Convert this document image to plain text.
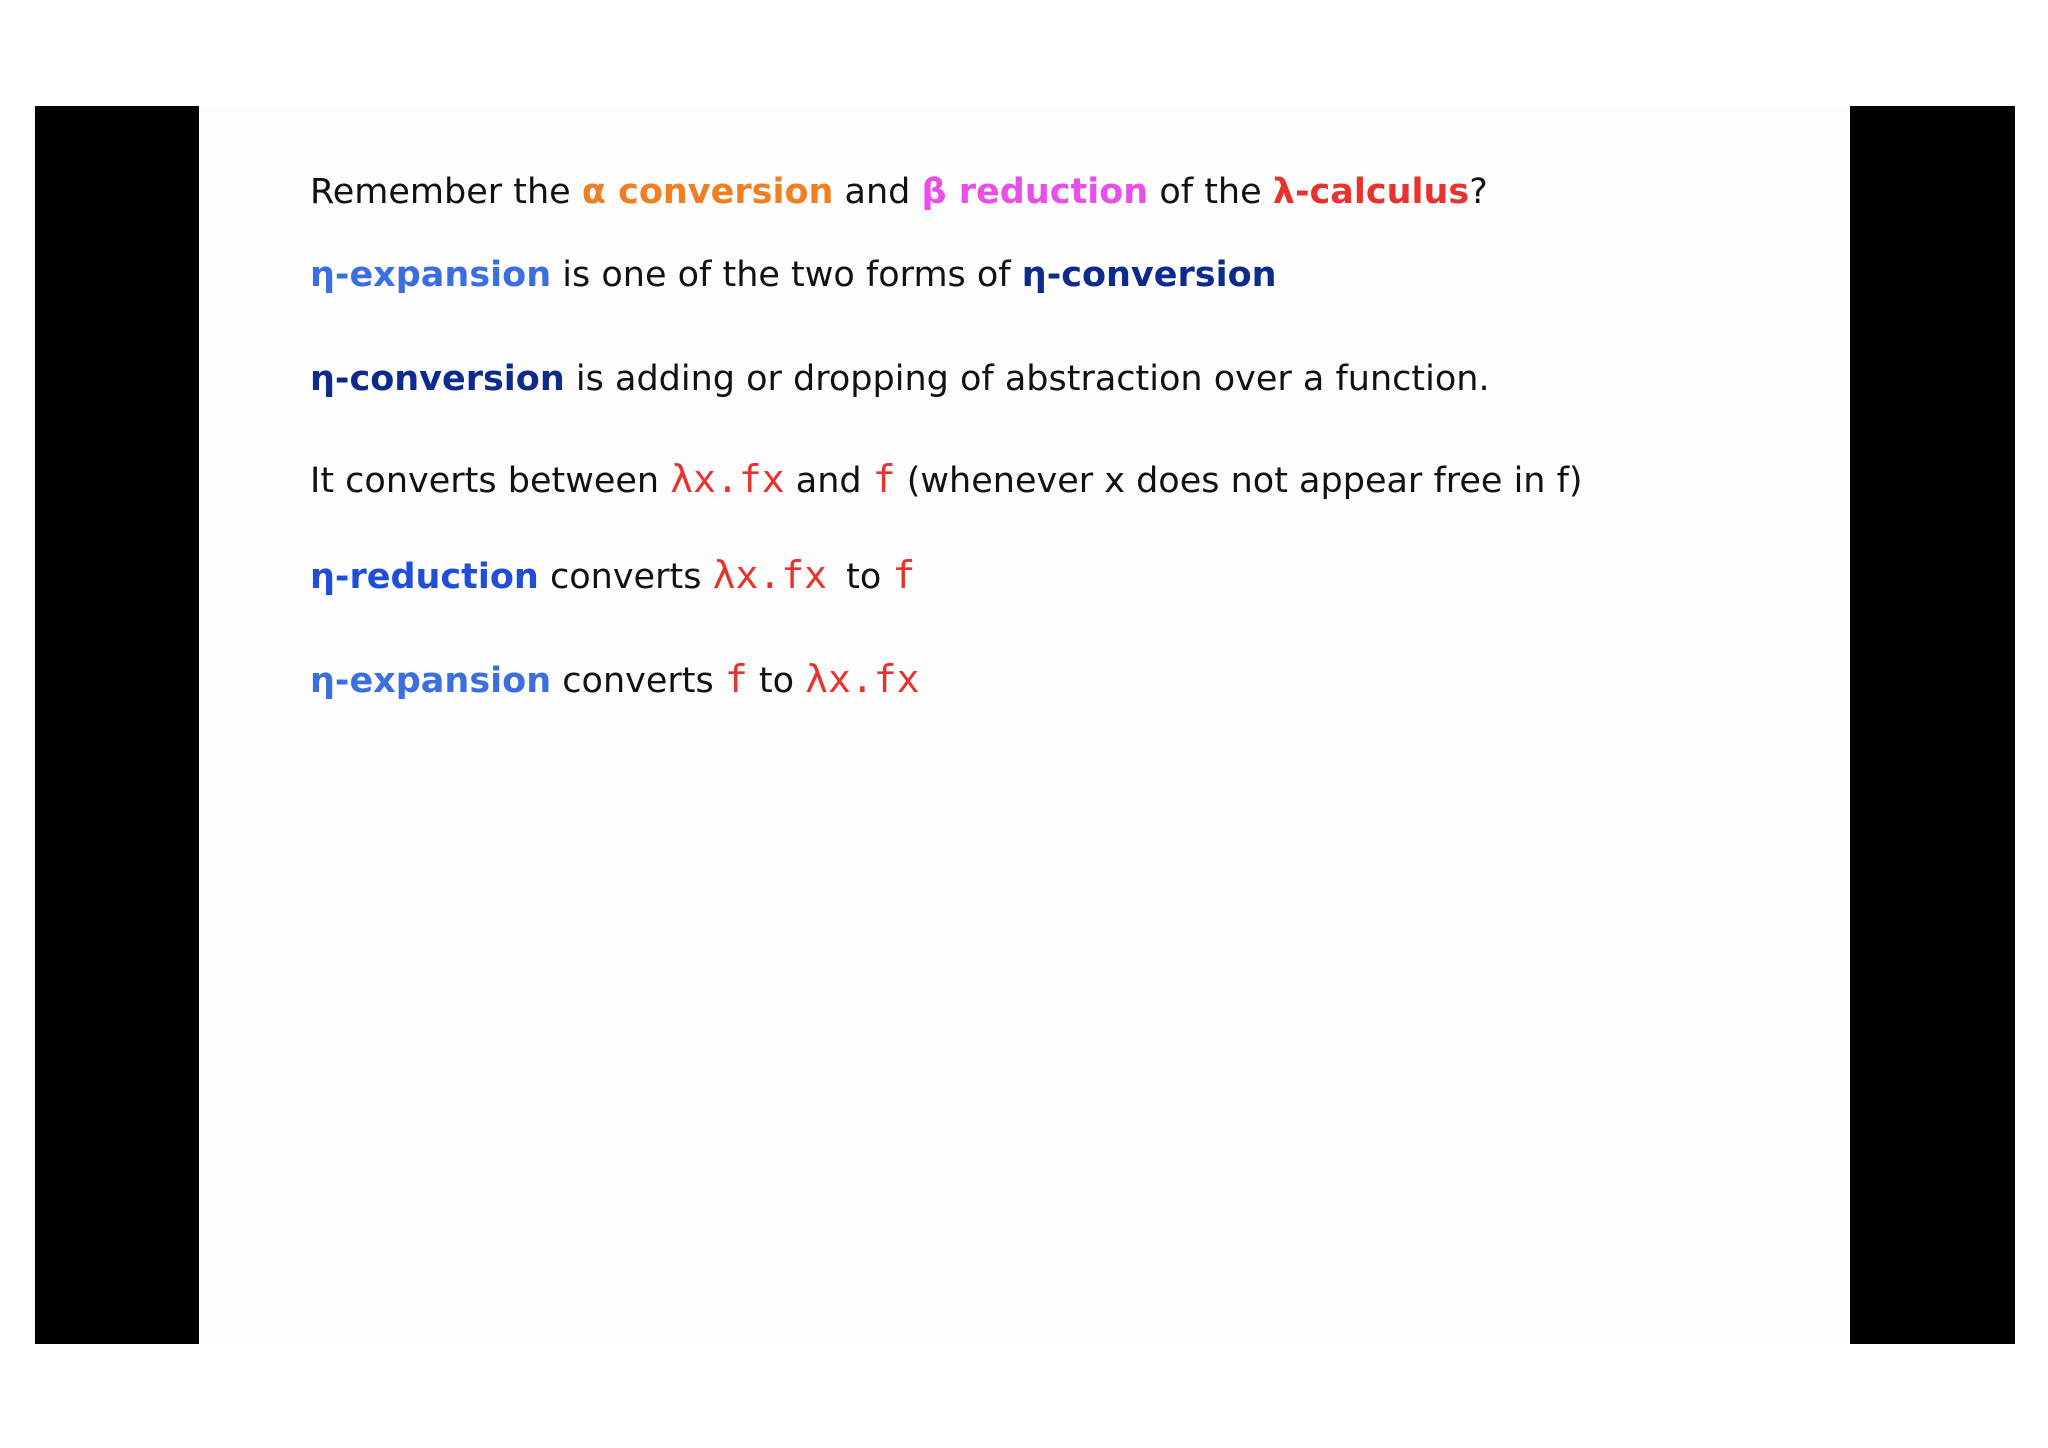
Remember the α conversion and β reduction of the λ-calculus?
η-expansion is one of the two forms of η-conversion
η-conversion is adding or dropping of abstraction over a function.
It converts between λx.fx and f (whenever x does not appear free in f)
η-reduction converts λx.fx to f
η-expansion converts f to λx.fx
